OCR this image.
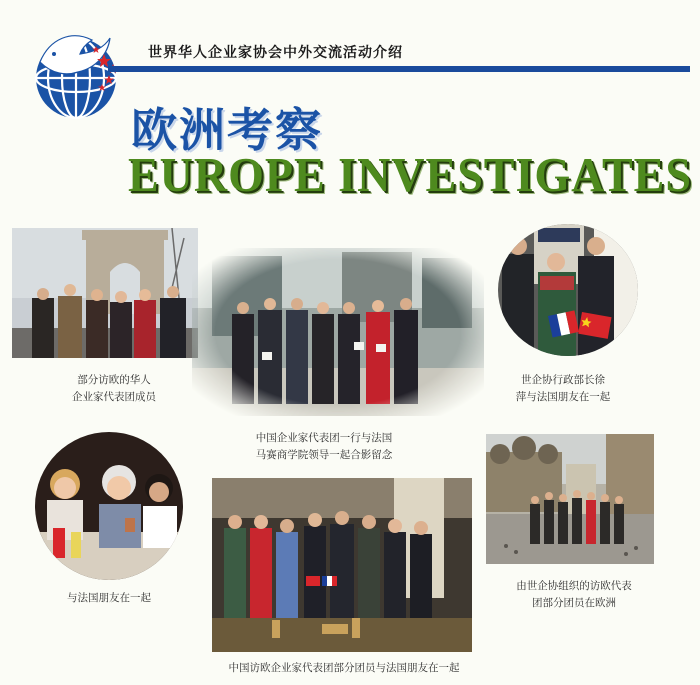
世界华人企业家协会中外交流活动介绍
欧洲考察
EUROPE INVESTIGATES
部分访欧的华人
企业家代表团成员
中国企业家代表团一行与法国
马赛商学院领导一起合影留念
世企协行政部长徐
萍与法国朋友在一起
与法国朋友在一起
中国访欧企业家代表团部分团员与法国朋友在一起
由世企协组织的访欧代表
团部分团员在欧洲
